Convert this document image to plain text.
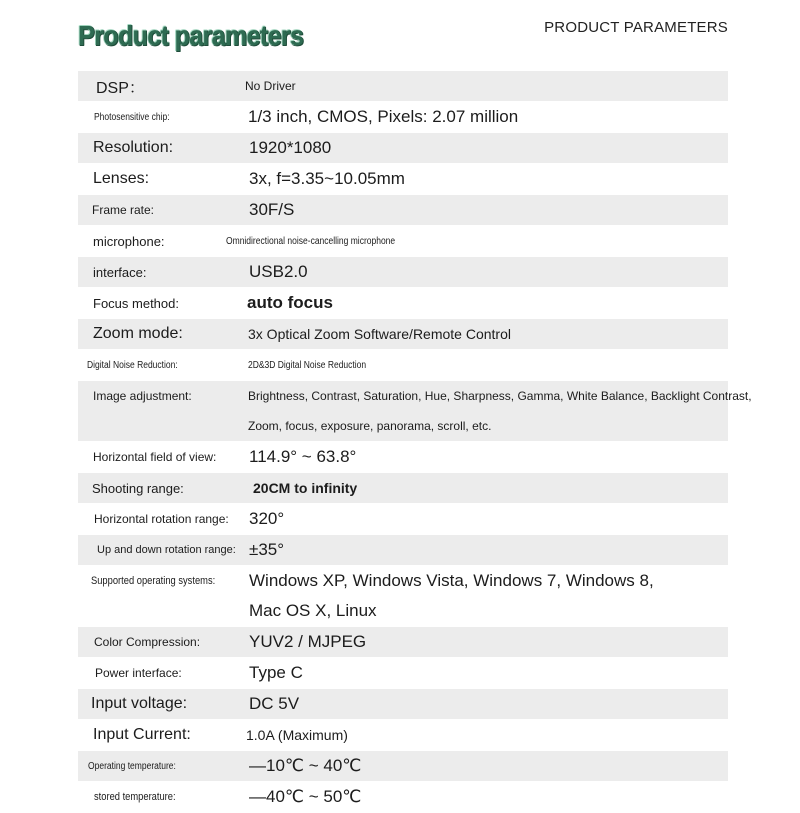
Product parameters	PRODUCT PARAMETERS
DSP：	No Driver
Photosensitive chip:	1/3 inch, CMOS, Pixels: 2.07 million
Resolution:	1920*1080
Lenses:	3x, f=3.35~10.05mm
Frame rate:	30F/S
microphone:	Omnidirectional noise-cancelling microphone
interface:	USB2.0
Focus method:	auto focus
Zoom mode:	3x Optical Zoom Software/Remote Control
Digital Noise Reduction:	2D&3D Digital Noise Reduction
Image adjustment:	Brightness, Contrast, Saturation, Hue, Sharpness, Gamma, White Balance, Backlight Contrast,
Zoom, focus, exposure, panorama, scroll, etc.
Horizontal field of view: 114.9° ~ 63.8°
Shooting range:	20CM to infinity
Horizontal rotation range: 320°
Up and down rotation range: ±35°
Supported operating systems: Windows XP, Windows Vista, Windows 7, Windows 8,
Mac OS X, Linux
Color Compression:	YUV2 / MJPEG
Power interface:	Type C
Input voltage:	DC 5V
Input Current:	1.0A (Maximum)
Operating temperature:	—10℃ ~ 40℃
stored temperature:	—40℃ ~ 50℃
